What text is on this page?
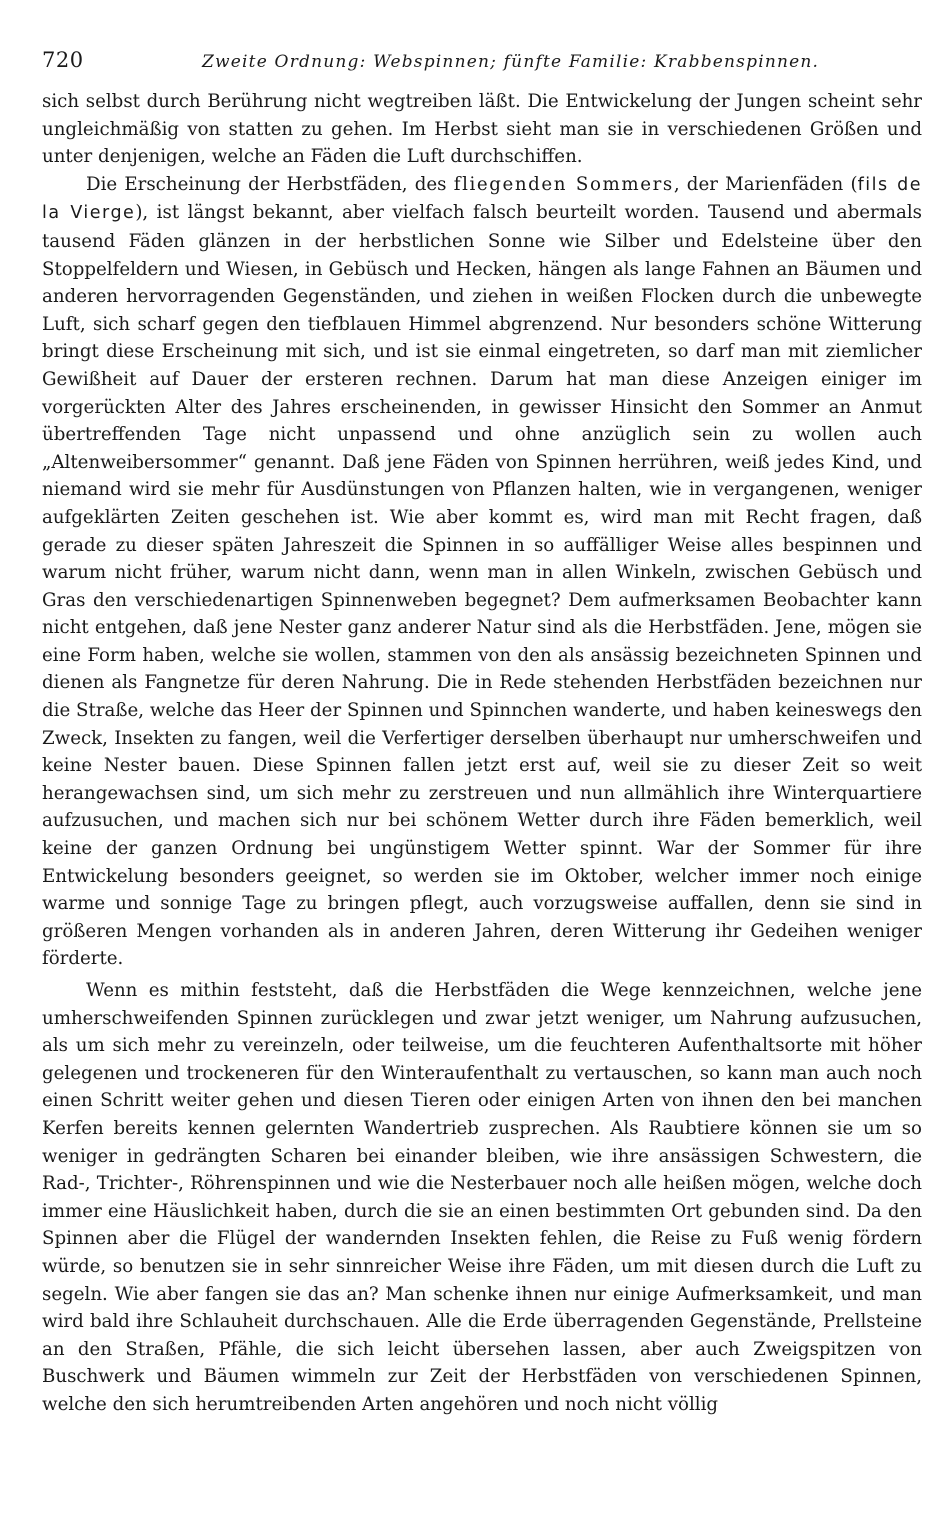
720	Zweite Ordnung: Webspinnen; fünfte Familie: Krabbenspinnen.

sich selbst durch Berührung nicht wegtreiben läßt. Die Entwickelung der Jungen scheint sehr ungleichmäßig von statten zu gehen. Im Herbst sieht man sie in verschiedenen Größen und unter denjenigen, welche an Fäden die Luft durchschiffen.

Die Erscheinung der Herbstfäden, des fliegenden Sommers, der Marienfäden (fils de la Vierge), ist längst bekannt, aber vielfach falsch beurteilt worden. Tausend und abermals tausend Fäden glänzen in der herbstlichen Sonne wie Silber und Edelsteine über den Stoppelfeldern und Wiesen, in Gebüsch und Hecken, hängen als lange Fahnen an Bäumen und anderen hervorragenden Gegenständen, und ziehen in weißen Flocken durch die unbewegte Luft, sich scharf gegen den tiefblauen Himmel abgrenzend. Nur besonders schöne Witterung bringt diese Erscheinung mit sich, und ist sie einmal eingetreten, so darf man mit ziemlicher Gewißheit auf Dauer der ersteren rechnen. Darum hat man diese Anzeigen einiger im vorgerückten Alter des Jahres erscheinenden, in gewisser Hinsicht den Sommer an Anmut übertreffenden Tage nicht unpassend und ohne anzüglich sein zu wollen auch „Altenweibersommer“ genannt. Daß jene Fäden von Spinnen herrühren, weiß jedes Kind, und niemand wird sie mehr für Ausdünstungen von Pflanzen halten, wie in vergangenen, weniger aufgeklärten Zeiten geschehen ist. Wie aber kommt es, wird man mit Recht fragen, daß gerade zu dieser späten Jahreszeit die Spinnen in so auffälliger Weise alles bespinnen und warum nicht früher, warum nicht dann, wenn man in allen Winkeln, zwischen Gebüsch und Gras den verschiedenartigen Spinnenweben begegnet? Dem aufmerksamen Beobachter kann nicht entgehen, daß jene Nester ganz anderer Natur sind als die Herbstfäden. Jene, mögen sie eine Form haben, welche sie wollen, stammen von den als ansässig bezeichneten Spinnen und dienen als Fangnetze für deren Nahrung. Die in Rede stehenden Herbstfäden bezeichnen nur die Straße, welche das Heer der Spinnen und Spinnchen wanderte, und haben keineswegs den Zweck, Insekten zu fangen, weil die Verfertiger derselben überhaupt nur umherschweifen und keine Nester bauen. Diese Spinnen fallen jetzt erst auf, weil sie zu dieser Zeit so weit herangewachsen sind, um sich mehr zu zerstreuen und nun allmählich ihre Winterquartiere aufzusuchen, und machen sich nur bei schönem Wetter durch ihre Fäden bemerklich, weil keine der ganzen Ordnung bei ungünstigem Wetter spinnt. War der Sommer für ihre Entwickelung besonders geeignet, so werden sie im Oktober, welcher immer noch einige warme und sonnige Tage zu bringen pflegt, auch vorzugsweise auffallen, denn sie sind in größeren Mengen vorhanden als in anderen Jahren, deren Witterung ihr Gedeihen weniger förderte.

Wenn es mithin feststeht, daß die Herbstfäden die Wege kennzeichnen, welche jene umherschweifenden Spinnen zurücklegen und zwar jetzt weniger, um Nahrung aufzusuchen, als um sich mehr zu vereinzeln, oder teilweise, um die feuchteren Aufenthaltsorte mit höher gelegenen und trockeneren für den Winteraufenthalt zu vertauschen, so kann man auch noch einen Schritt weiter gehen und diesen Tieren oder einigen Arten von ihnen den bei manchen Kerfen bereits kennen gelernten Wandertrieb zusprechen. Als Raubtiere können sie um so weniger in gedrängten Scharen bei einander bleiben, wie ihre ansässigen Schwestern, die Rad-, Trichter-, Röhrenspinnen und wie die Nesterbauer noch alle heißen mögen, welche doch immer eine Häuslichkeit haben, durch die sie an einen bestimmten Ort gebunden sind. Da den Spinnen aber die Flügel der wandernden Insekten fehlen, die Reise zu Fuß wenig fördern würde, so benutzen sie in sehr sinnreicher Weise ihre Fäden, um mit diesen durch die Luft zu segeln. Wie aber fangen sie das an? Man schenke ihnen nur einige Aufmerksamkeit, und man wird bald ihre Schlauheit durchschauen. Alle die Erde überragenden Gegenstände, Prellsteine an den Straßen, Pfähle, die sich leicht übersehen lassen, aber auch Zweigspitzen von Buschwerk und Bäumen wimmeln zur Zeit der Herbstfäden von verschiedenen Spinnen, welche den sich herumtreibenden Arten angehören und noch nicht völlig
